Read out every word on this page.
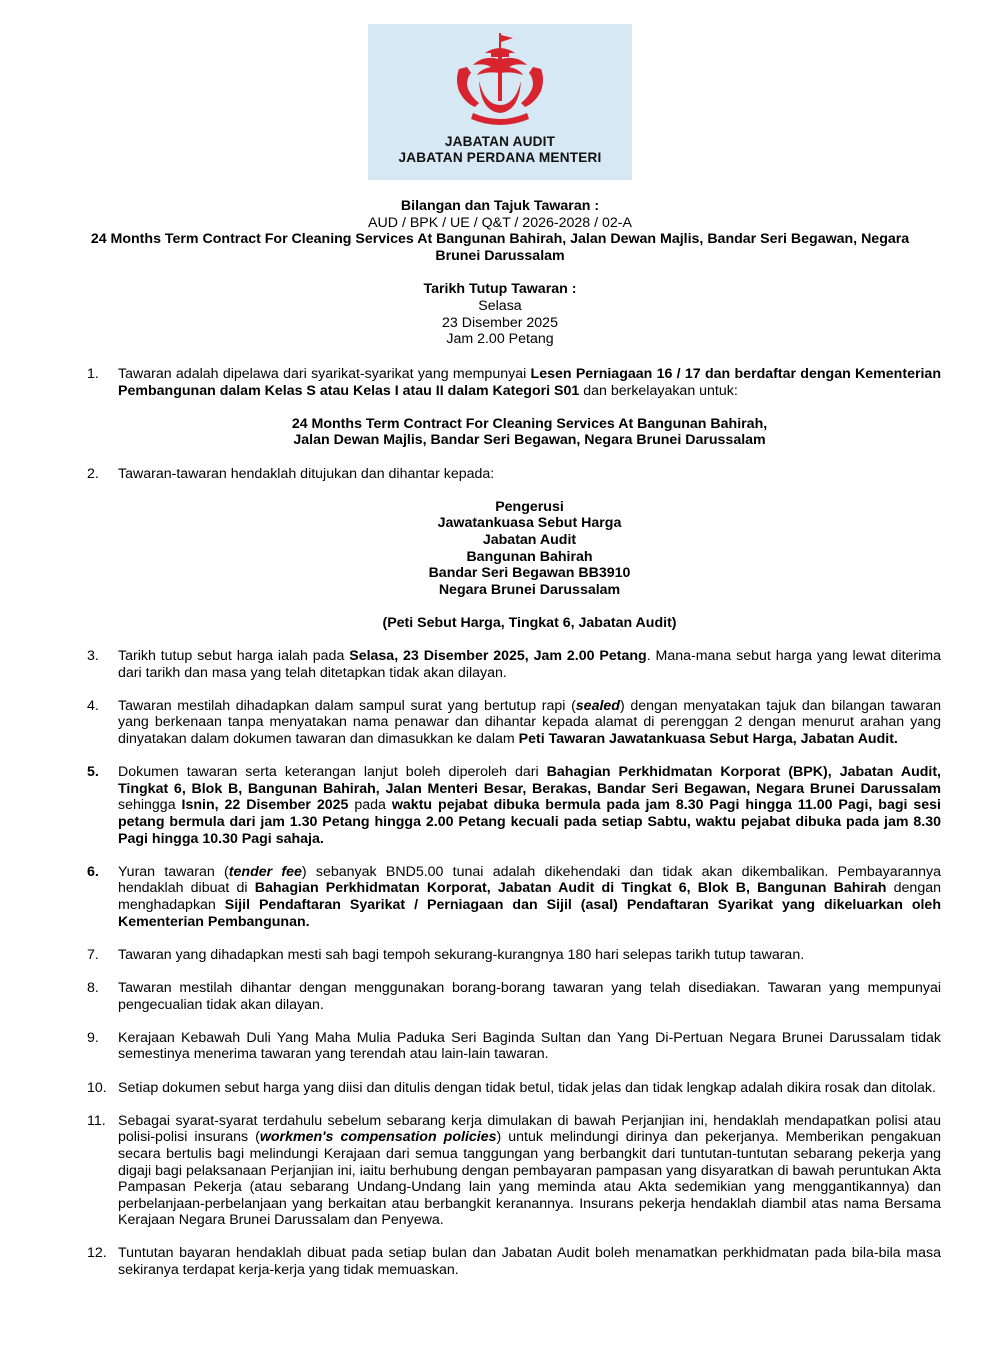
JABATAN AUDIT
JABATAN PERDANA MENTERI
Bilangan dan Tajuk Tawaran :
AUD / BPK / UE / Q&T / 2026-2028 / 02-A
24 Months Term Contract For Cleaning Services At Bangunan Bahirah, Jalan Dewan Majlis, Bandar Seri Begawan, Negara
Brunei Darussalam
Tarikh Tutup Tawaran :
Selasa
23 Disember 2025
Jam 2.00 Petang
1.	Tawaran adalah dipelawa dari syarikat-syarikat yang mempunyai Lesen Perniagaan 16 / 17 dan berdaftar dengan Kementerian Pembangunan dalam Kelas S atau Kelas I atau II dalam Kategori S01 dan berkelayakan untuk:
24 Months Term Contract For Cleaning Services At Bangunan Bahirah,
Jalan Dewan Majlis, Bandar Seri Begawan, Negara Brunei Darussalam
2.	Tawaran-tawaran hendaklah ditujukan dan dihantar kepada:
Pengerusi
Jawatankuasa Sebut Harga
Jabatan Audit
Bangunan Bahirah
Bandar Seri Begawan BB3910
Negara Brunei Darussalam
(Peti Sebut Harga, Tingkat 6, Jabatan Audit)
3.	Tarikh tutup sebut harga ialah pada Selasa, 23 Disember 2025, Jam 2.00 Petang. Mana-mana sebut harga yang lewat diterima dari tarikh dan masa yang telah ditetapkan tidak akan dilayan.
4.	Tawaran mestilah dihadapkan dalam sampul surat yang bertutup rapi (sealed) dengan menyatakan tajuk dan bilangan tawaran yang berkenaan tanpa menyatakan nama penawar dan dihantar kepada alamat di perenggan 2 dengan menurut arahan yang dinyatakan dalam dokumen tawaran dan dimasukkan ke dalam Peti Tawaran Jawatankuasa Sebut Harga, Jabatan Audit.
5.	Dokumen tawaran serta keterangan lanjut boleh diperoleh dari Bahagian Perkhidmatan Korporat (BPK), Jabatan Audit, Tingkat 6, Blok B, Bangunan Bahirah, Jalan Menteri Besar, Berakas, Bandar Seri Begawan, Negara Brunei Darussalam sehingga Isnin, 22 Disember 2025 pada waktu pejabat dibuka bermula pada jam 8.30 Pagi hingga 11.00 Pagi, bagi sesi petang bermula dari jam 1.30 Petang hingga 2.00 Petang kecuali pada setiap Sabtu, waktu pejabat dibuka pada jam 8.30 Pagi hingga 10.30 Pagi sahaja.
6.	Yuran tawaran (tender fee) sebanyak BND5.00 tunai adalah dikehendaki dan tidak akan dikembalikan. Pembayarannya hendaklah dibuat di Bahagian Perkhidmatan Korporat, Jabatan Audit di Tingkat 6, Blok B, Bangunan Bahirah dengan menghadapkan Sijil Pendaftaran Syarikat / Perniagaan dan Sijil (asal) Pendaftaran Syarikat yang dikeluarkan oleh Kementerian Pembangunan.
7.	Tawaran yang dihadapkan mesti sah bagi tempoh sekurang-kurangnya 180 hari selepas tarikh tutup tawaran.
8.	Tawaran mestilah dihantar dengan menggunakan borang-borang tawaran yang telah disediakan. Tawaran yang mempunyai pengecualian tidak akan dilayan.
9.	Kerajaan Kebawah Duli Yang Maha Mulia Paduka Seri Baginda Sultan dan Yang Di-Pertuan Negara Brunei Darussalam tidak semestinya menerima tawaran yang terendah atau lain-lain tawaran.
10. Setiap dokumen sebut harga yang diisi dan ditulis dengan tidak betul, tidak jelas dan tidak lengkap adalah dikira rosak dan ditolak.
11. Sebagai syarat-syarat terdahulu sebelum sebarang kerja dimulakan di bawah Perjanjian ini, hendaklah mendapatkan polisi atau polisi-polisi insurans (workmen's compensation policies) untuk melindungi dirinya dan pekerjanya. Memberikan pengakuan secara bertulis bagi melindungi Kerajaan dari semua tanggungan yang berbangkit dari tuntutan-tuntutan sebarang pekerja yang digaji bagi pelaksanaan Perjanjian ini, iaitu berhubung dengan pembayaran pampasan yang disyaratkan di bawah peruntukan Akta Pampasan Pekerja (atau sebarang Undang-Undang lain yang meminda atau Akta sedemikian yang menggantikannya) dan perbelanjaan-perbelanjaan yang berkaitan atau berbangkit keranannya. Insurans pekerja hendaklah diambil atas nama Bersama Kerajaan Negara Brunei Darussalam dan Penyewa.
12. Tuntutan bayaran hendaklah dibuat pada setiap bulan dan Jabatan Audit boleh menamatkan perkhidmatan pada bila-bila masa sekiranya terdapat kerja-kerja yang tidak memuaskan.
